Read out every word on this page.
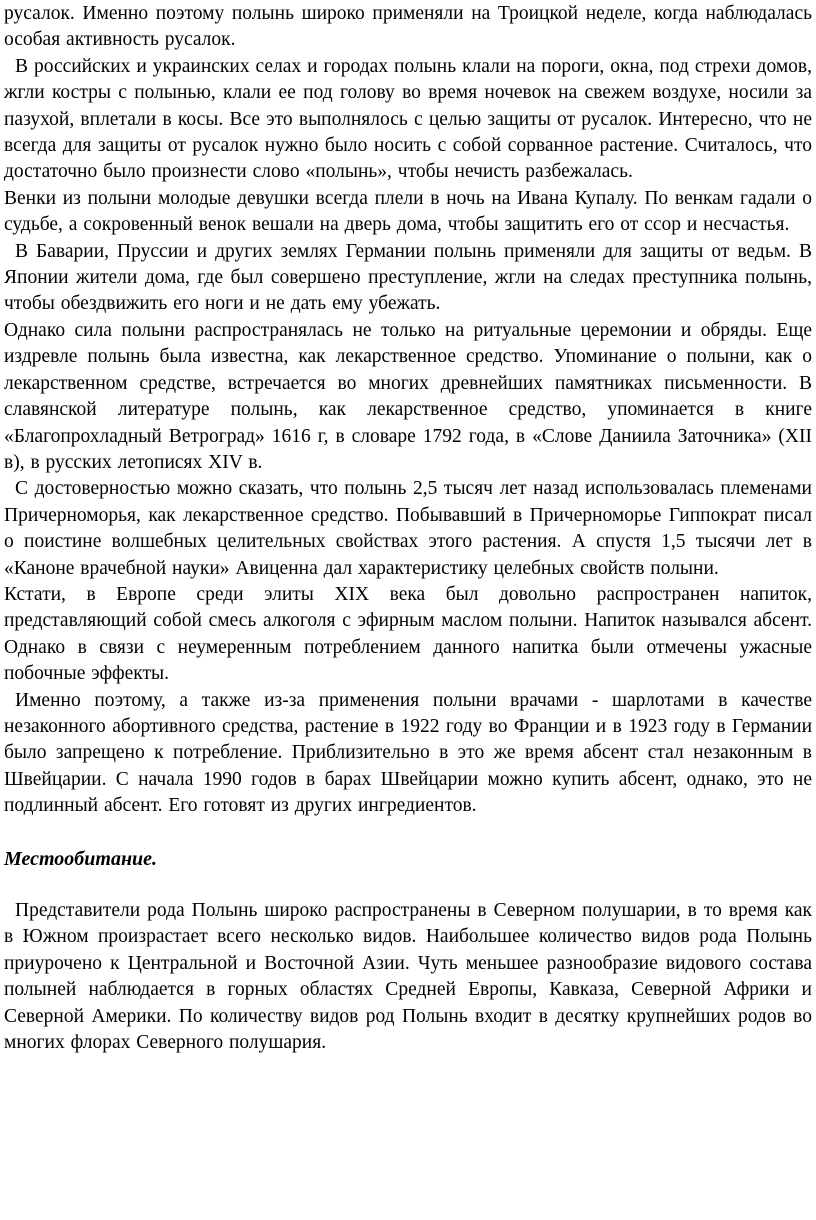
русалок. Именно поэтому полынь широко применяли на Троицкой неделе, когда наблюдалась особая активность русалок.

В российских и украинских селах и городах полынь клали на пороги, окна, под стрехи домов, жгли костры с полынью, клали ее под голову во время ночевок на свежем воздухе, носили за пазухой, вплетали в косы. Все это выполнялось с целью защиты от русалок. Интересно, что не всегда для защиты от русалок нужно было носить с собой сорванное растение. Считалось, что достаточно было произнести слово «полынь», чтобы нечисть разбежалась.

Венки из полыни молодые девушки всегда плели в ночь на Ивана Купалу. По венкам гадали о судьбе, а сокровенный венок вешали на дверь дома, чтобы защитить его от ссор и несчастья.

В Баварии, Пруссии и других землях Германии полынь применяли для защиты от ведьм. В Японии жители дома, где был совершено преступление, жгли на следах преступника полынь, чтобы обездвижить его ноги и не дать ему убежать.

Однако сила полыни распространялась не только на ритуальные церемонии и обряды. Еще издревле полынь была известна, как лекарственное средство. Упоминание о полыни, как о лекарственном средстве, встречается во многих древнейших памятниках письменности. В славянской литературе полынь, как лекарственное средство, упоминается в книге «Благопрохладный Ветроград» 1616 г, в словаре 1792 года, в «Слове Даниила Заточника» (XII в), в русских летописях XIV в.

С достоверностью можно сказать, что полынь 2,5 тысяч лет назад использовалась племенами Причерноморья, как лекарственное средство. Побывавший в Причерноморье Гиппократ писал о поистине волшебных целительных свойствах этого растения. А спустя 1,5 тысячи лет в «Каноне врачебной науки» Авиценна дал характеристику целебных свойств полыни.

Кстати, в Европе среди элиты XIX века был довольно распространен напиток, представляющий собой смесь алкоголя с эфирным маслом полыни. Напиток назывался абсент. Однако в связи с неумеренным потреблением данного напитка были отмечены ужасные побочные эффекты.

Именно поэтому, а также из-за применения полыни врачами - шарлотами в качестве незаконного абортивного средства, растение в 1922 году во Франции и в 1923 году в Германии было запрещено к потребление. Приблизительно в это же время абсент стал незаконным в Швейцарии. С начала 1990 годов в барах Швейцарии можно купить абсент, однако, это не подлинный абсент. Его готовят из других ингредиентов.

Местообитание.

Представители рода Полынь широко распространены в Северном полушарии, в то время как в Южном произрастает всего несколько видов. Наибольшее количество видов рода Полынь приурочено к Центральной и Восточной Азии. Чуть меньшее разнообразие видового состава полыней наблюдается в горных областях Средней Европы, Кавказа, Северной Африки и Северной Америки. По количеству видов род Полынь входит в десятку крупнейших родов во многих флорах Северного полушария.
